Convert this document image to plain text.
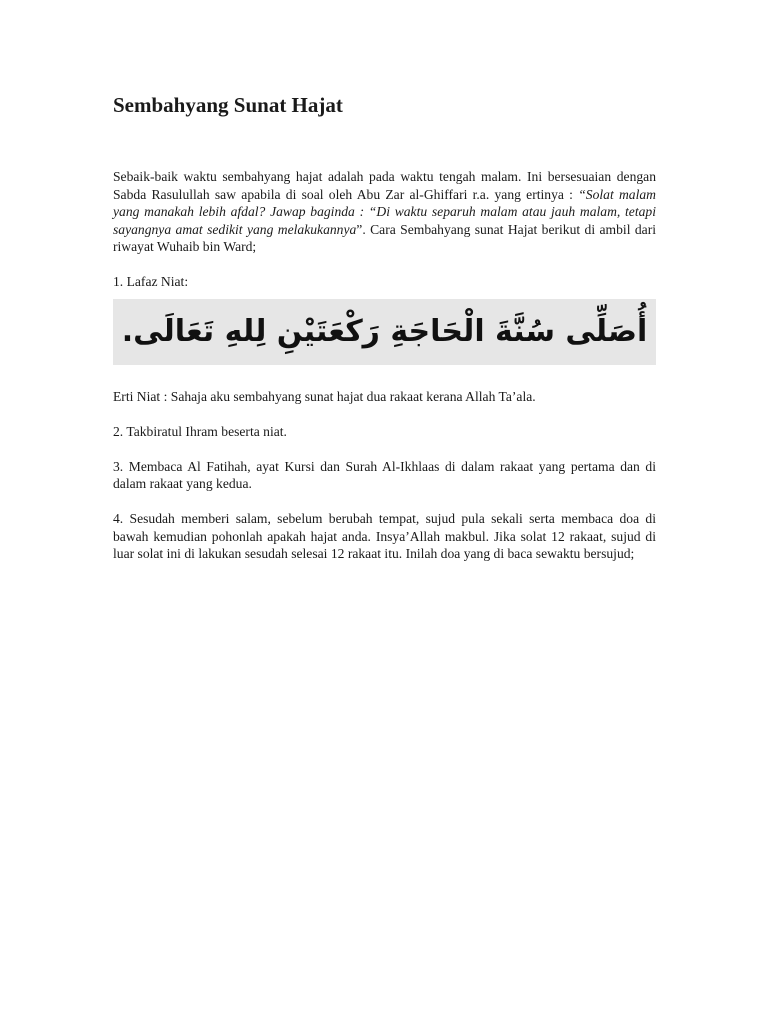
Sembahyang Sunat Hajat

Sebaik-baik waktu sembahyang hajat adalah pada waktu tengah malam. Ini bersesuaian dengan Sabda Rasulullah saw apabila di soal oleh Abu Zar al-Ghiffari r.a. yang ertinya : “Solat malam yang manakah lebih afdal? Jawap baginda : “Di waktu separuh malam atau jauh malam, tetapi sayangnya amat sedikit yang melakukannya”. Cara Sembahyang sunat Hajat berikut di ambil dari riwayat Wuhaib bin Ward;

1. Lafaz Niat:

أُصَلِّى سُنَّةَ الْحَاجَةِ رَكْعَتَيْنِ لِلهِ تَعَالَى.

Erti Niat : Sahaja aku sembahyang sunat hajat dua rakaat kerana Allah Ta’ala.

2. Takbiratul Ihram beserta niat.

3. Membaca Al Fatihah, ayat Kursi dan Surah Al-Ikhlaas di dalam rakaat yang pertama dan di dalam rakaat yang kedua.

4. Sesudah memberi salam, sebelum berubah tempat, sujud pula sekali serta membaca doa di bawah kemudian pohonlah apakah hajat anda. Insya’Allah makbul. Jika solat 12 rakaat, sujud di luar solat ini di lakukan sesudah selesai 12 rakaat itu. Inilah doa yang di baca sewaktu bersujud;
